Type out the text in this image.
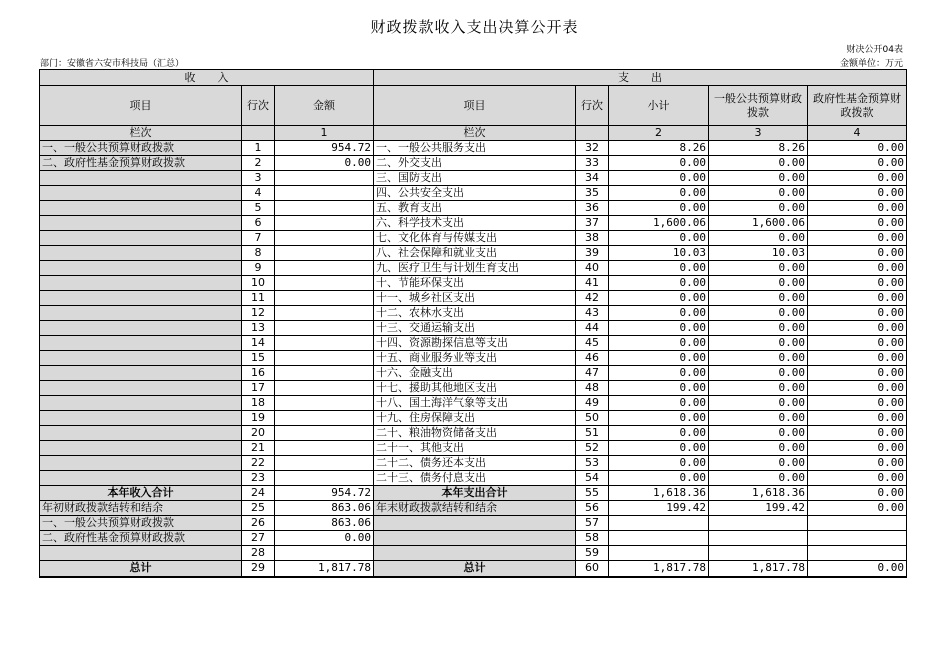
财政拨款收入支出决算公开表
部门：安徽省六安市科技局（汇总）
财决公开04表
金额单位：万元
收　　入			支　　出				
项目	行次	金额	项目	行次	小计	一般公共预算财政拨款	政府性基金预算财政拨款
栏次		1	栏次		2	3	4
一、一般公共预算财政拨款	1	954.72	一、一般公共服务支出	32	8.26	8.26	0.00
二、政府性基金预算财政拨款	2	0.00	二、外交支出	33	0.00	0.00	0.00
	3		三、国防支出	34	0.00	0.00	0.00
	4		四、公共安全支出	35	0.00	0.00	0.00
	5		五、教育支出	36	0.00	0.00	0.00
	6		六、科学技术支出	37	1,600.06	1,600.06	0.00
	7		七、文化体育与传媒支出	38	0.00	0.00	0.00
	8		八、社会保障和就业支出	39	10.03	10.03	0.00
	9		九、医疗卫生与计划生育支出	40	0.00	0.00	0.00
	10		十、节能环保支出	41	0.00	0.00	0.00
	11		十一、城乡社区支出	42	0.00	0.00	0.00
	12		十二、农林水支出	43	0.00	0.00	0.00
	13		十三、交通运输支出	44	0.00	0.00	0.00
	14		十四、资源勘探信息等支出	45	0.00	0.00	0.00
	15		十五、商业服务业等支出	46	0.00	0.00	0.00
	16		十六、金融支出	47	0.00	0.00	0.00
	17		十七、援助其他地区支出	48	0.00	0.00	0.00
	18		十八、国土海洋气象等支出	49	0.00	0.00	0.00
	19		十九、住房保障支出	50	0.00	0.00	0.00
	20		二十、粮油物资储备支出	51	0.00	0.00	0.00
	21		二十一、其他支出	52	0.00	0.00	0.00
	22		二十二、债务还本支出	53	0.00	0.00	0.00
	23		二十三、债务付息支出	54	0.00	0.00	0.00
本年收入合计	24	954.72	本年支出合计	55	1,618.36	1,618.36	0.00
年初财政拨款结转和结余	25	863.06	年末财政拨款结转和结余	56	199.42	199.42	0.00
一、一般公共预算财政拨款	26	863.06		57			
二、政府性基金预算财政拨款	27	0.00		58			
	28			59			
总计	29	1,817.78	总计	60	1,817.78	1,817.78	0.00
